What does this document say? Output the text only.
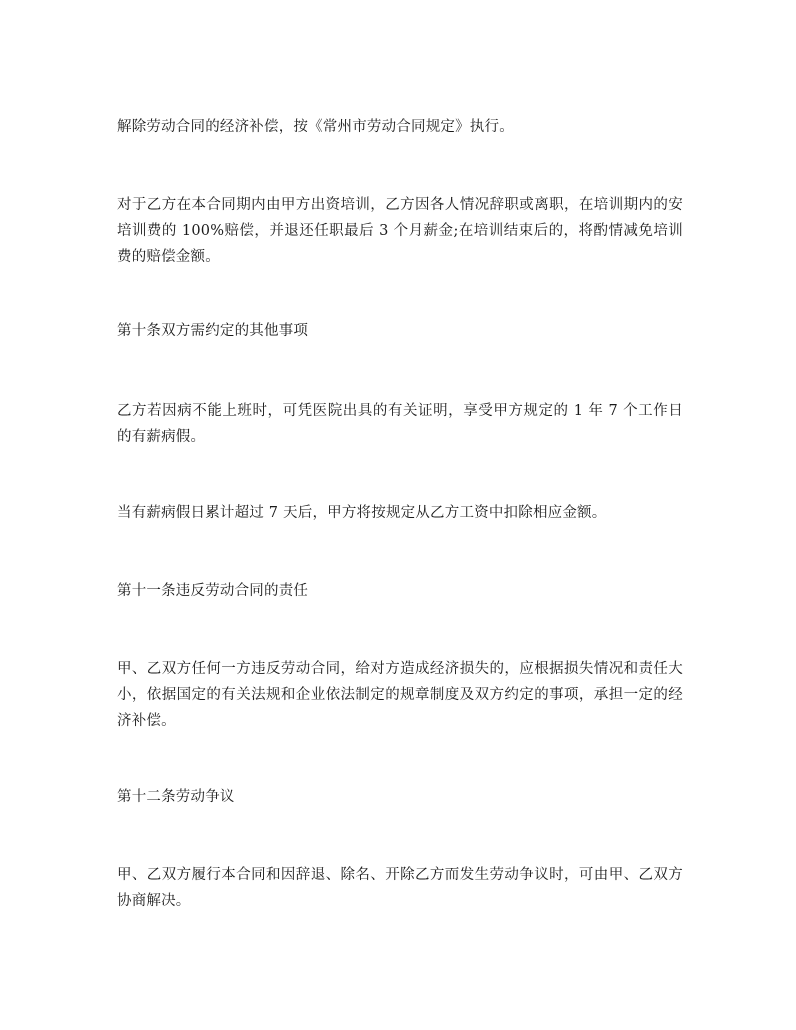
解除劳动合同的经济补偿，按《常州市劳动合同规定》执行。

对于乙方在本合同期内由甲方出资培训，乙方因各人情况辞职或离职，在培训期内的安培训费的 100%赔偿，并退还任职最后 3 个月薪金;在培训结束后的，将酌情减免培训费的赔偿金额。

第十条双方需约定的其他事项

乙方若因病不能上班时，可凭医院出具的有关证明，享受甲方规定的 1 年 7 个工作日的有薪病假。

当有薪病假日累计超过 7 天后，甲方将按规定从乙方工资中扣除相应金额。

第十一条违反劳动合同的责任

甲、乙双方任何一方违反劳动合同，给对方造成经济损失的，应根据损失情况和责任大小，依据国定的有关法规和企业依法制定的规章制度及双方约定的事项，承担一定的经济补偿。

第十二条劳动争议

甲、乙双方履行本合同和因辞退、除名、开除乙方而发生劳动争议时，可由甲、乙双方协商解决。
